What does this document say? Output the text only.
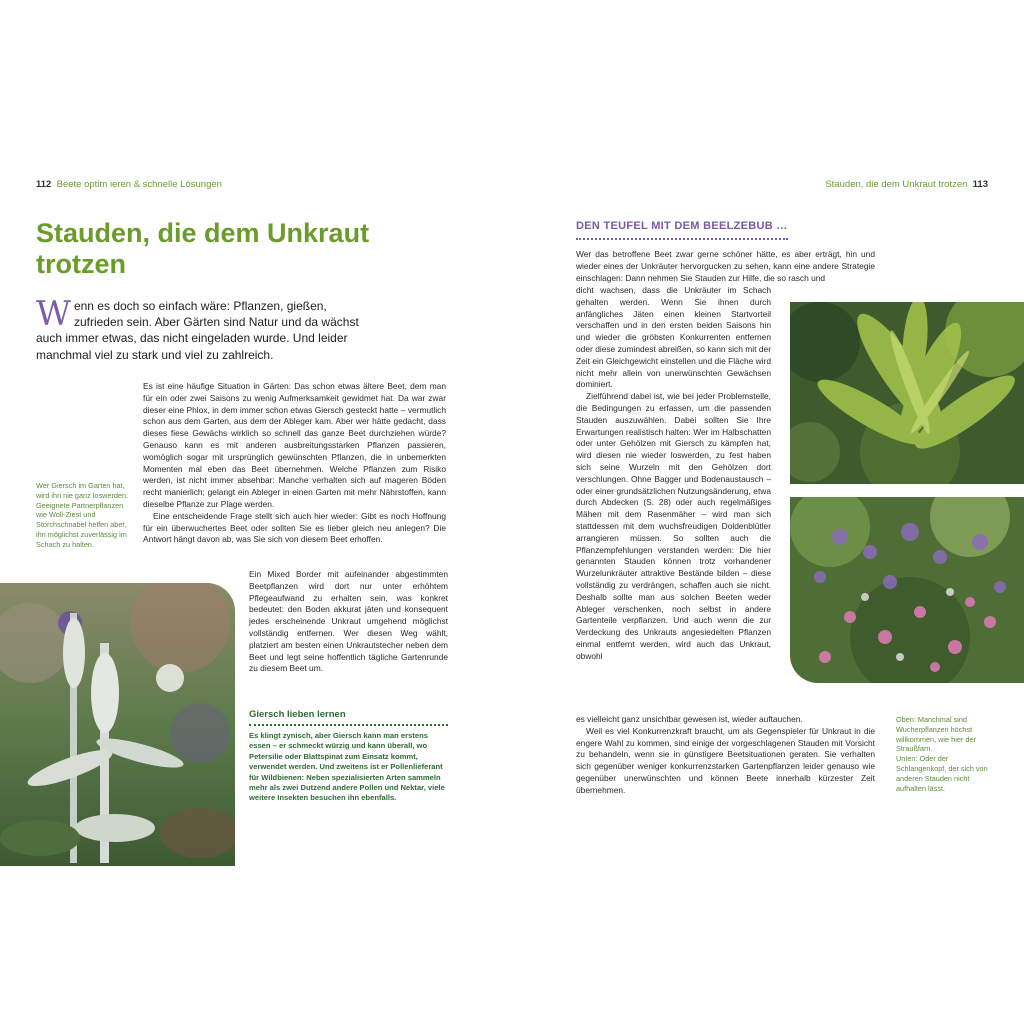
112 Beete optim ieren & schnelle Lösungen
Stauden, die dem Unkraut
trotzen

Wenn es doch so einfach wäre: Pflanzen, gießen, zufrieden sein. Aber Gärten sind Natur und da wächst auch immer etwas, das nicht eingeladen wurde. Und leider manchmal viel zu stark und viel zu zahlreich.

Es ist eine häufige Situation in Gärten: Das schon etwas ältere Beet, dem man für ein oder zwei Saisons zu wenig Aufmerksamkeit gewidmet hat. Da war zwar dieser eine Phlox, in dem immer schon etwas Giersch gesteckt hatte – vermutlich schon aus dem Garten, aus dem der Ableger kam. Aber wer hätte gedacht, dass dieses fiese Gewächs wirklich so schnell das ganze Beet durchziehen würde? Genauso kann es mit anderen ausbreitungsstarken Pflanzen passieren, womöglich sogar mit ursprünglich gewünschten Pflanzen, die in unbemerkten Momenten mal eben das Beet übernehmen. Welche Pflanzen zum Risiko werden, ist nicht immer absehbar: Manche verhalten sich auf mageren Böden recht manierlich; gelangt ein Ableger in einen Garten mit mehr Nährstoffen, kann dieselbe Pflanze zur Plage werden.

Eine entscheidende Frage stellt sich auch hier wieder: Gibt es noch Hoffnung für ein überwuchertes Beet oder sollten Sie es lieber gleich neu anlegen? Die Antwort hängt davon ab, was Sie sich von diesem Beet erhoffen.

Ein Mixed Border mit aufeinander abgestimmten Beetpflanzen wird dort nur unter erhöhtem Pflegeaufwand zu erhalten sein, was konkret bedeutet: den Boden akkurat jäten und konsequent jedes erscheinende Unkraut umgehend möglichst vollständig entfernen. Wer diesen Weg wählt, platziert am besten einen Unkrautstecher neben dem Beet und legt seine hoffentlich tägliche Gartenrunde zu diesem Beet um.

Wer Giersch im Garten hat, wird ihn nie ganz loswerden. Geeignete Partnerpflanzen wie Woll-Ziest und Storchschnabel helfen aber, ihn möglichst zuverlässig im Schach zu halten.
Giersch lieben lernen
Es klingt zynisch, aber Giersch kann man erstens essen – er schmeckt würzig und kann überall, wo Petersilie oder Blattspinat zum Einsatz kommt, verwendet werden. Und zweitens ist er Pollenlieferant für Wildbienen: Neben spezialisierten Arten sammeln mehr als zwei Dutzend andere Pollen und Nektar, viele weitere Insekten besuchen ihn ebenfalls.
Stauden, die dem Unkraut trotzen 113
DEN TEUFEL MIT DEM BEELZEBUB …

Wer das betroffene Beet zwar gerne schöner hätte, es aber erträgt, hin und wieder eines der Unkräuter hervorgucken zu sehen, kann eine andere Strategie einschlagen: Dann nehmen Sie Stauden zur Hilfe, die so rasch und

dicht wachsen, dass die Unkräuter im Schach gehalten werden. Wenn Sie ihnen durch anfängliches Jäten einen kleinen Startvorteil verschaffen und in den ersten beiden Saisons hin und wieder die gröbsten Konkurrenten entfernen oder diese zumindest abreißen, so kann sich mit der Zeit ein Gleichgewicht einstellen und die Fläche wird nicht mehr allein von unerwünschten Gewächsen dominiert.

Zielführend dabei ist, wie bei jeder Problemstelle, die Bedingungen zu erfassen, um die passenden Stauden auszuwählen. Dabei sollten Sie Ihre Erwartungen realistisch halten: Wer im Halbschatten oder unter Gehölzen mit Giersch zu kämpfen hat, wird diesen nie wieder loswerden, zu fest haben sich seine Wurzeln mit den Gehölzen dort verschlungen. Ohne Bagger und Bodenaustausch – oder einer grundsätzlichen Nutzungsänderung, etwa durch Abdecken (S. 28) oder auch regelmäßiges Mähen mit dem Rasenmäher – wird man sich stattdessen mit dem wuchsfreudigen Doldenblütler arrangieren müssen. So sollten auch die Pflanzempfehlungen verstanden werden: Die hier genannten Stauden können trotz vorhandener Wurzelunkräuter attraktive Bestände bilden – diese vollständig zu verdrängen, schaffen auch sie nicht. Deshalb sollte man aus solchen Beeten weder Ableger verschenken, noch selbst in andere Gartenteile verpflanzen. Und auch wenn die zur Verdeckung des Unkrauts angesiedelten Pflanzen einmal entfernt werden, wird auch das Unkraut, obwohl

es vielleicht ganz unsichtbar gewesen ist, wieder auftauchen.

Weil es viel Konkurrenzkraft braucht, um als Gegenspieler für Unkraut in die engere Wahl zu kommen, sind einige der vorgeschlagenen Stauden mit Vorsicht zu behandeln, wenn sie in günstigere Beetsituationen geraten. Sie verhalten sich gegenüber weniger konkurrenzstarken Gartenpflanzen leider genauso wie gegenüber unerwünschten und können Beete innerhalb kürzester Zeit übernehmen.

Oben: Manchmal sind Wucherpflanzen höchst willkommen, wie hier der Straußfarn.
Unten: Oder der Schlangenkopf, der sich von anderen Stauden nicht aufhalten lässt.
